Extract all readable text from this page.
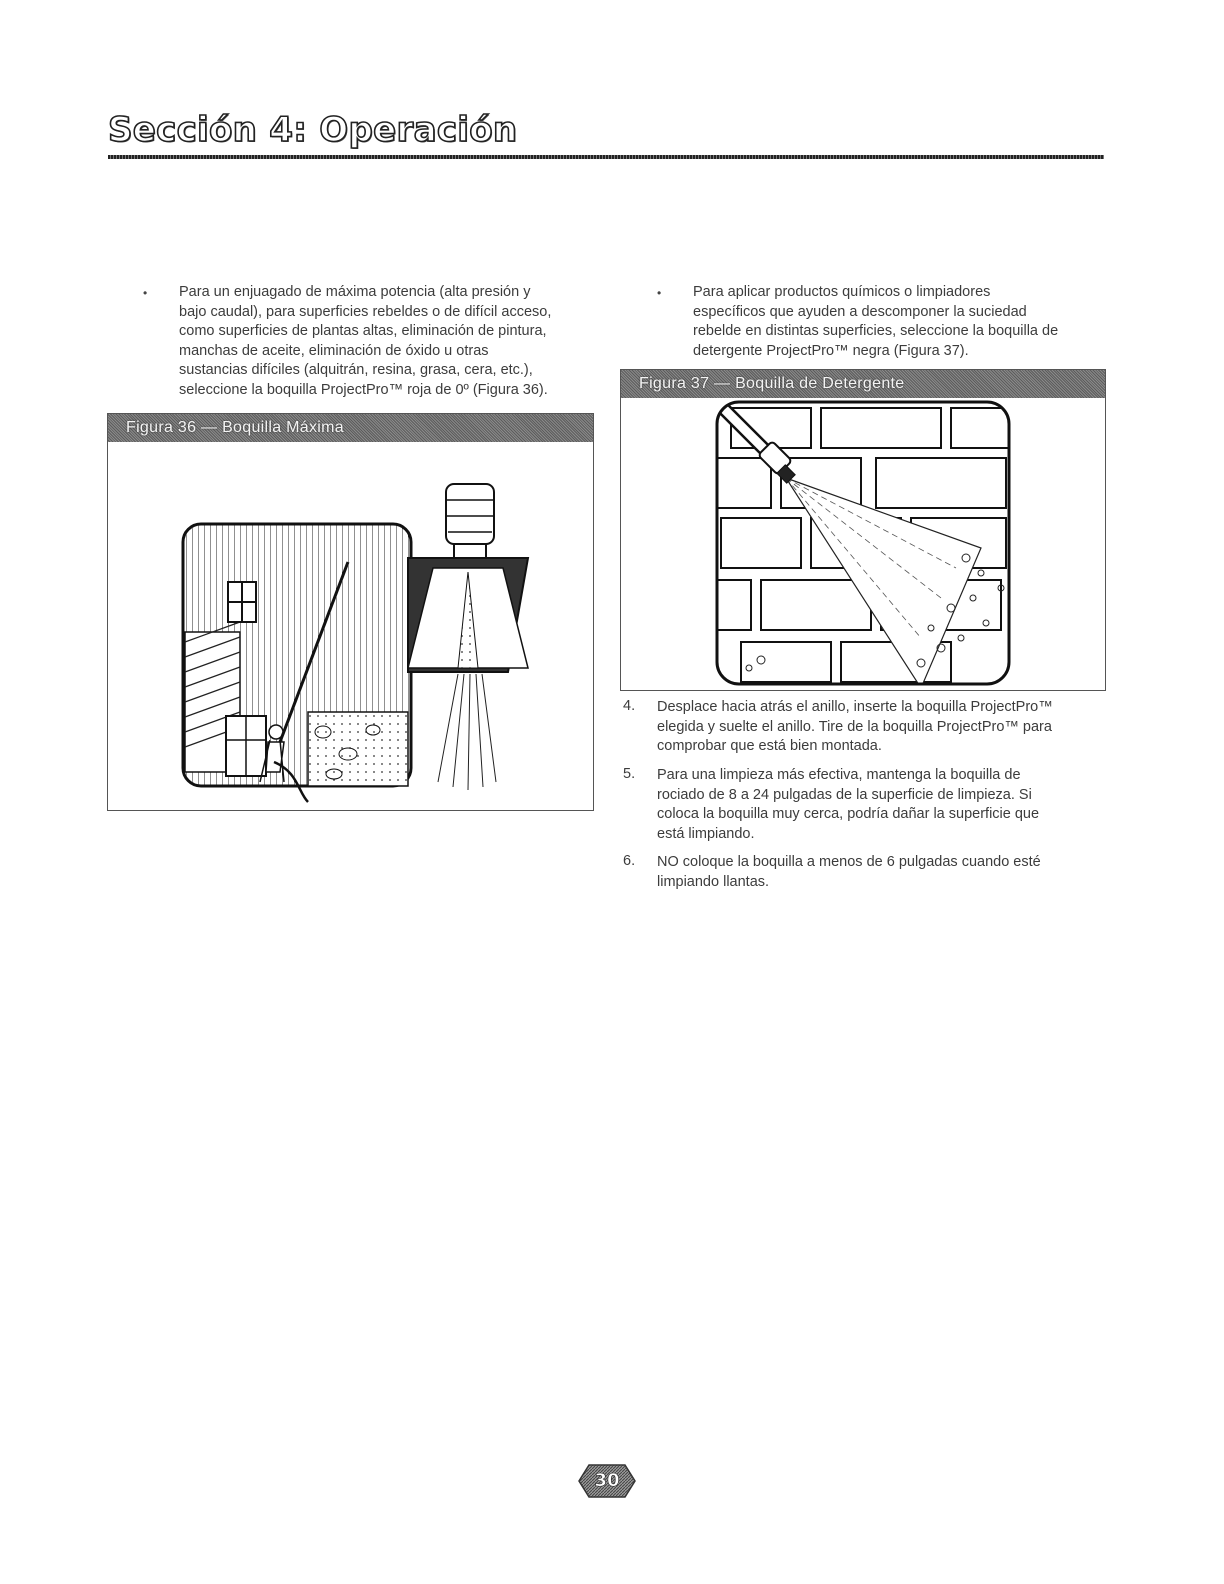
Sección 4: Operación
• Para un enjuagado de máxima potencia (alta presión y
bajo caudal), para superficies rebeldes o de difícil acceso,
como superficies de plantas altas, eliminación de pintura,
manchas de aceite, eliminación de óxido u otras
sustancias difíciles (alquitrán, resina, grasa, cera, etc.),
seleccione la boquilla ProjectPro™ roja de 0º (Figura 36).
Figura 36 — Boquilla Máxima
• Para aplicar productos químicos o limpiadores
específicos que ayuden a descomponer la suciedad
rebelde en distintas superficies, seleccione la boquilla de
detergente ProjectPro™ negra (Figura 37).
Figura 37 — Boquilla de Detergente
4. Desplace hacia atrás el anillo, inserte la boquilla ProjectPro™
elegida y suelte el anillo. Tire de la boquilla ProjectPro™ para
comprobar que está bien montada.
5. Para una limpieza más efectiva, mantenga la boquilla de
rociado de 8 a 24 pulgadas de la superficie de limpieza. Si
coloca la boquilla muy cerca, podría dañar la superficie que
está limpiando.
6. NO coloque la boquilla a menos de 6 pulgadas cuando esté
limpiando llantas.
30
